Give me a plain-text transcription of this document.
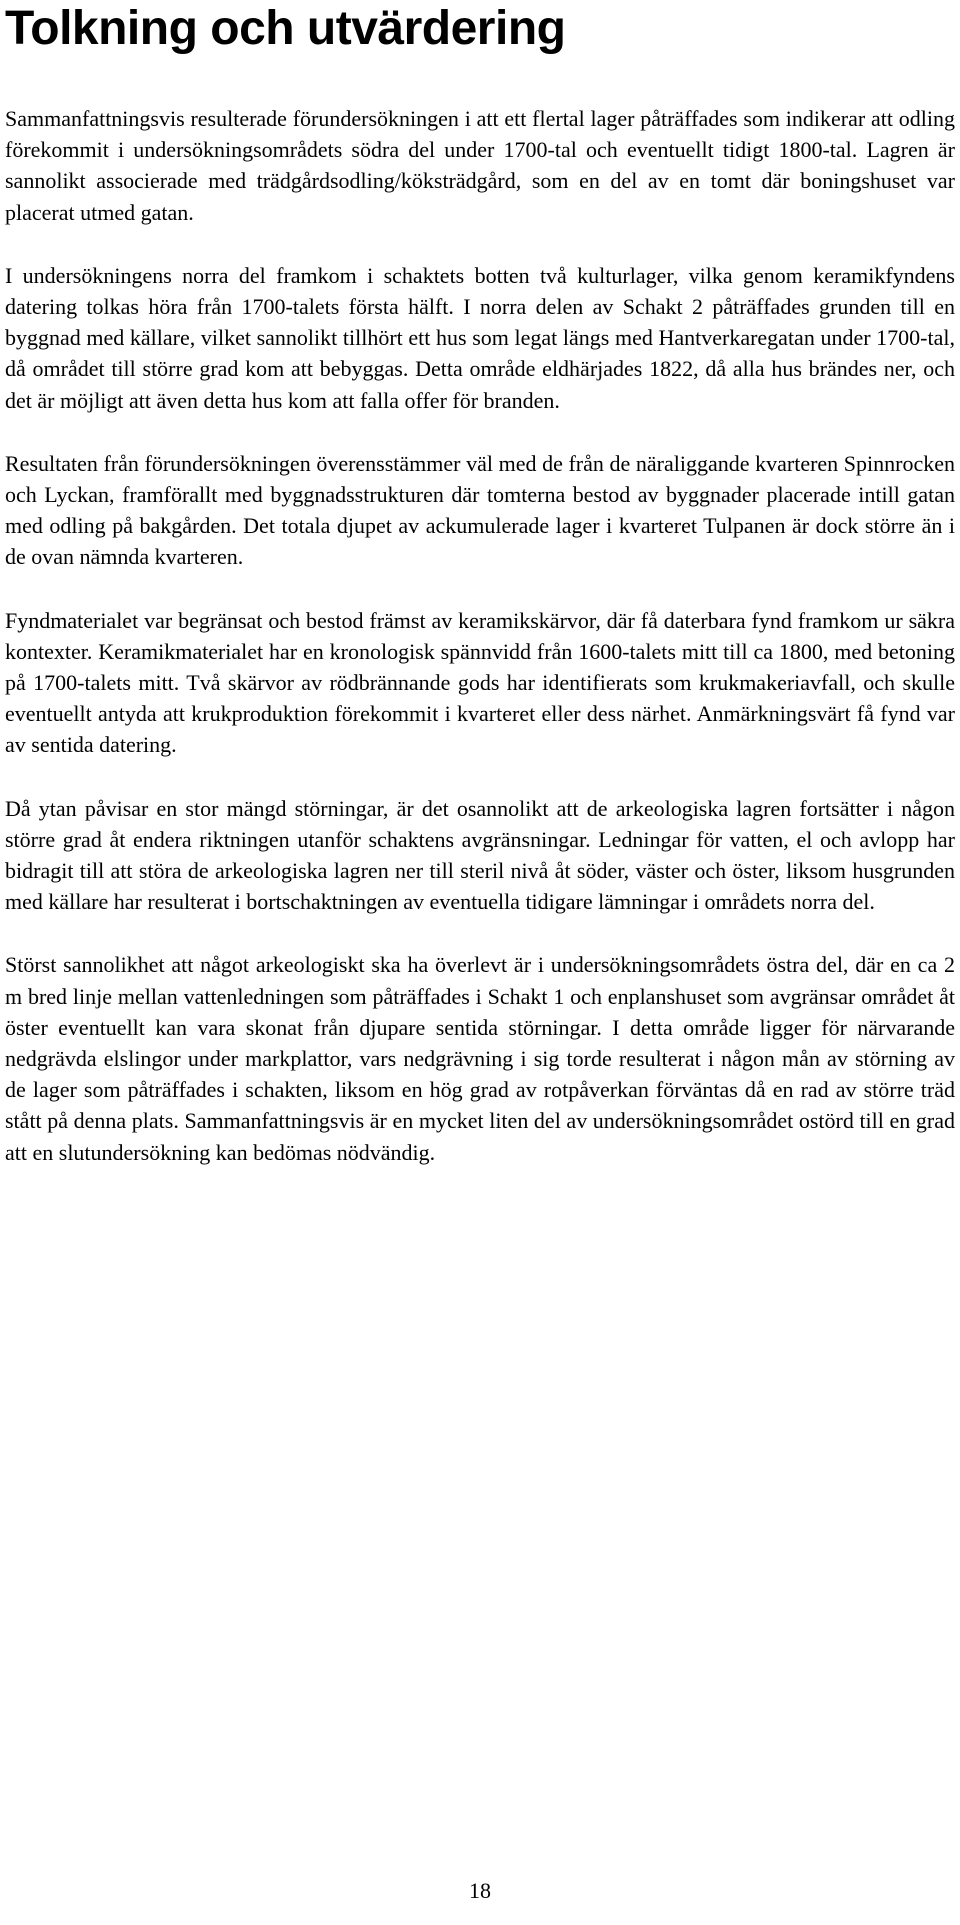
Tolkning och utvärdering

Sammanfattningsvis resulterade förundersökningen i att ett flertal lager påträffades som indikerar att odling förekommit i undersökningsområdets södra del under 1700-tal och eventuellt tidigt 1800-tal. Lagren är sannolikt associerade med trädgårdsodling/köksträdgård, som en del av en tomt där boningshuset var placerat utmed gatan.

I undersökningens norra del framkom i schaktets botten två kulturlager, vilka genom keramikfyndens datering tolkas höra från 1700-talets första hälft. I norra delen av Schakt 2 påträffades grunden till en byggnad med källare, vilket sannolikt tillhört ett hus som legat längs med Hantverkaregatan under 1700-tal, då området till större grad kom att bebyggas. Detta område eldhärjades 1822, då alla hus brändes ner, och det är möjligt att även detta hus kom att falla offer för branden.

Resultaten från förundersökningen överensstämmer väl med de från de näraliggande kvarteren Spinnrocken och Lyckan, framförallt med byggnadsstrukturen där tomterna bestod av byggnader placerade intill gatan med odling på bakgården. Det totala djupet av ackumulerade lager i kvarteret Tulpanen är dock större än i de ovan nämnda kvarteren.

Fyndmaterialet var begränsat och bestod främst av keramikskärvor, där få daterbara fynd framkom ur säkra kontexter. Keramikmaterialet har en kronologisk spännvidd från 1600-talets mitt till ca 1800, med betoning på 1700-talets mitt. Två skärvor av rödbrännande gods har identifierats som krukmakeriavfall, och skulle eventuellt antyda att krukproduktion förekommit i kvarteret eller dess närhet. Anmärkningsvärt få fynd var av sentida datering.

Då ytan påvisar en stor mängd störningar, är det osannolikt att de arkeologiska lagren fortsätter i någon större grad åt endera riktningen utanför schaktens avgränsningar. Ledningar för vatten, el och avlopp har bidragit till att störa de arkeologiska lagren ner till steril nivå åt söder, väster och öster, liksom husgrunden med källare har resulterat i bortschaktningen av eventuella tidigare lämningar i områdets norra del.

Störst sannolikhet att något arkeologiskt ska ha överlevt är i undersökningsområdets östra del, där en ca 2 m bred linje mellan vattenledningen som påträffades i Schakt 1 och enplanshuset som avgränsar området åt öster eventuellt kan vara skonat från djupare sentida störningar. I detta område ligger för närvarande nedgrävda elslingor under markplattor, vars nedgrävning i sig torde resulterat i någon mån av störning av de lager som påträffades i schakten, liksom en hög grad av rotpåverkan förväntas då en rad av större träd stått på denna plats. Sammanfattningsvis är en mycket liten del av undersökningsområdet ostörd till en grad att en slutundersökning kan bedömas nödvändig.

18
